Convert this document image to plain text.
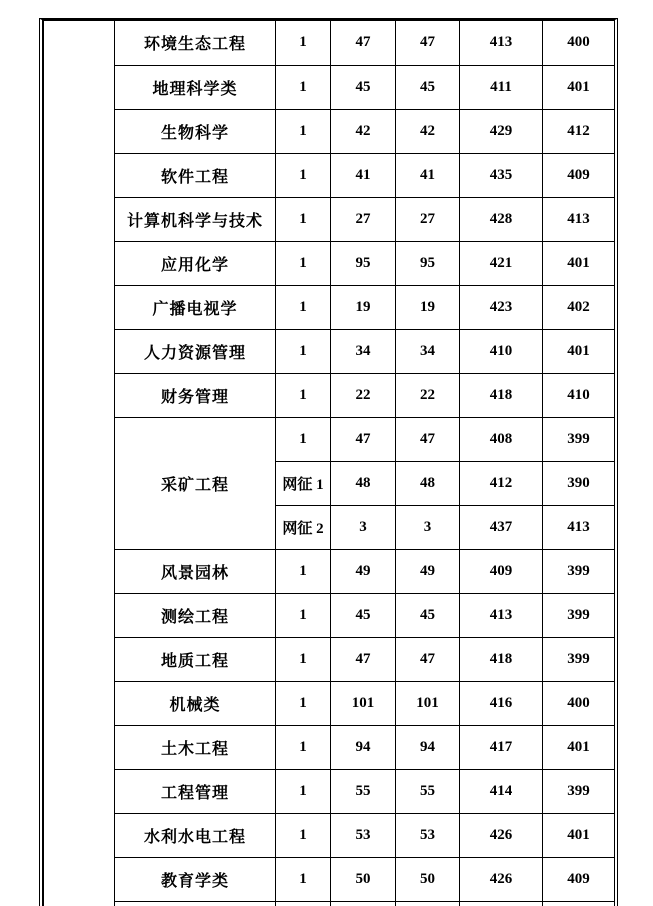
	环境生态工程	1	47	47	413	400
	地理科学类	1	45	45	411	401
	生物科学	1	42	42	429	412
	软件工程	1	41	41	435	409
	计算机科学与技术	1	27	27	428	413
	应用化学	1	95	95	421	401
	广播电视学	1	19	19	423	402
	人力资源管理	1	34	34	410	401
	财务管理	1	22	22	418	410
	采矿工程	1	47	47	408	399
		网征 1	48	48	412	390
		网征 2	3	3	437	413
	风景园林	1	49	49	409	399
	测绘工程	1	45	45	413	399
	地质工程	1	47	47	418	399
	机械类	1	101	101	416	400
	土木工程	1	94	94	417	401
	工程管理	1	55	55	414	399
	水利水电工程	1	53	53	426	401
	教育学类	1	50	50	426	409
